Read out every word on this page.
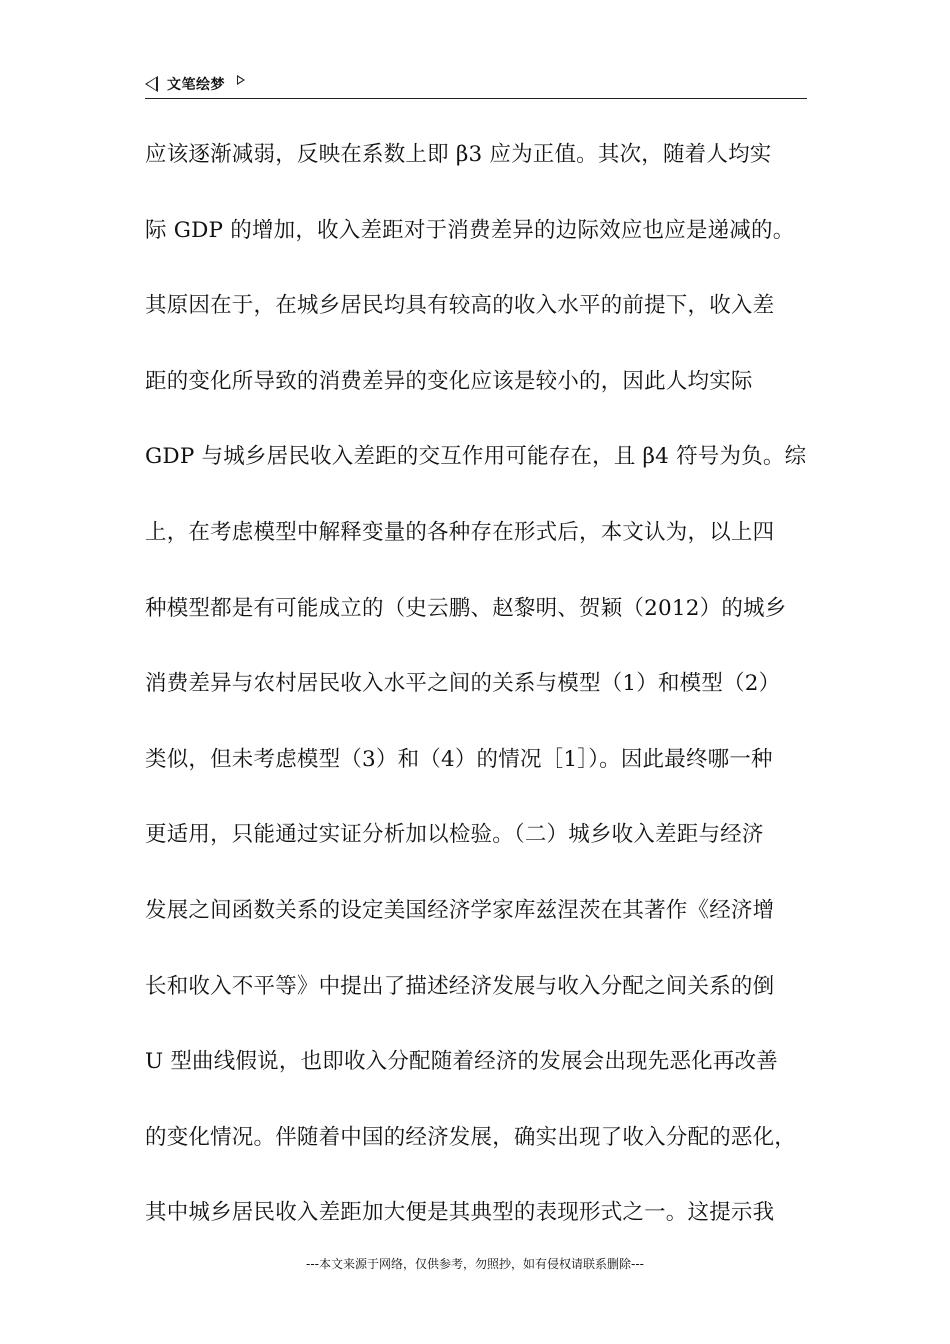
文笔绘梦
应该逐渐减弱，反映在系数上即 β3 应为正值。其次，随着人均实
际 GDP 的增加，收入差距对于消费差异的边际效应也应是递减的。
其原因在于，在城乡居民均具有较高的收入水平的前提下，收入差
距的变化所导致的消费差异的变化应该是较小的，因此人均实际
GDP 与城乡居民收入差距的交互作用可能存在，且 β4 符号为负。综
上，在考虑模型中解释变量的各种存在形式后，本文认为，以上四
种模型都是有可能成立的（史云鹏、赵黎明、贺颖（2012）的城乡
消费差异与农村居民收入水平之间的关系与模型（1）和模型（2）
类似，但未考虑模型（3）和（4）的情况［1］）。因此最终哪一种
更适用，只能通过实证分析加以检验。（二）城乡收入差距与经济
发展之间函数关系的设定美国经济学家库兹涅茨在其著作《经济增
长和收入不平等》中提出了描述经济发展与收入分配之间关系的倒
U 型曲线假说，也即收入分配随着经济的发展会出现先恶化再改善
的变化情况。伴随着中国的经济发展，确实出现了收入分配的恶化，
其中城乡居民收入差距加大便是其典型的表现形式之一。这提示我
---本文来源于网络，仅供参考，勿照抄，如有侵权请联系删除---
